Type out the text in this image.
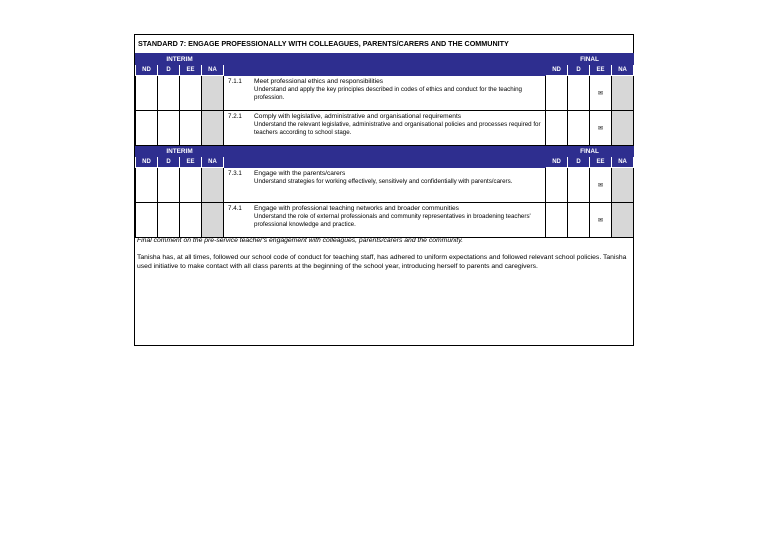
STANDARD 7: ENGAGE PROFESSIONALLY WITH COLLEAGUES, PARENTS/CARERS AND THE COMMUNITY
INTERIM					FINAL			
ND	D	EE	NA		ND	D	EE	NA

				7.1.1 Meet professional ethics and responsibilities
Understand and apply the key principles described in codes of ethics and conduct for the teaching profession.			✉	

				7.2.1 Comply with legislative, administrative and organisational requirements
Understand the relevant legislative, administrative and organisational policies and processes required for teachers according to school stage.			✉	
INTERIM					FINAL			
ND	D	EE	NA		ND	D	EE	NA

				7.3.1 Engage with the parents/carers
Understand strategies for working effectively, sensitively and confidentially with parents/carers.			✉	

				7.4.1 Engage with professional teaching networks and broader communities
Understand the role of external professionals and community representatives in broadening teachers' professional knowledge and practice.			✉	
Final comment on the pre-service teacher's engagement with colleagues, parents/carers and the community.
Tanisha has, at all times, followed our school code of conduct for teaching staff, has adhered to uniform expectations and followed relevant school policies. Tanisha used initiative to make contact with all class parents at the beginning of the school year, introducing herself to parents and caregivers.
